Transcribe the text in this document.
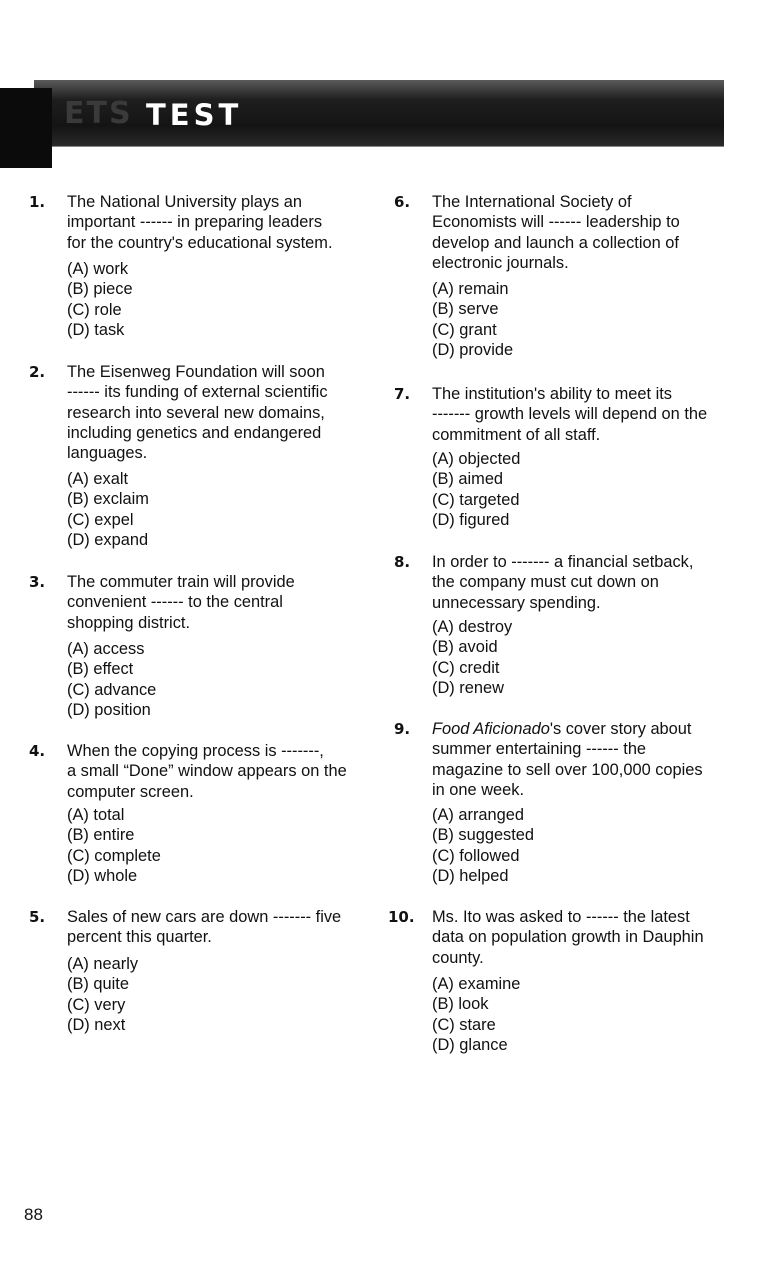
ETS TEST
1. The National University plays an
important ------ in preparing leaders
for the country's educational system.
(A) work
(B) piece
(C) role
(D) task
2. The Eisenweg Foundation will soon
------ its funding of external scientific
research into several new domains,
including genetics and endangered
languages.
(A) exalt
(B) exclaim
(C) expel
(D) expand
3. The commuter train will provide
convenient ------ to the central
shopping district.
(A) access
(B) effect
(C) advance
(D) position
4. When the copying process is -------,
a small “Done” window appears on the
computer screen.
(A) total
(B) entire
(C) complete
(D) whole
5. Sales of new cars are down ------- five
percent this quarter.
(A) nearly
(B) quite
(C) very
(D) next
6. The International Society of
Economists will ------ leadership to
develop and launch a collection of
electronic journals.
(A) remain
(B) serve
(C) grant
(D) provide
7. The institution's ability to meet its
------- growth levels will depend on the
commitment of all staff.
(A) objected
(B) aimed
(C) targeted
(D) figured
8. In order to ------- a financial setback,
the company must cut down on
unnecessary spending.
(A) destroy
(B) avoid
(C) credit
(D) renew
9. Food Aficionado's cover story about
summer entertaining ------ the
magazine to sell over 100,000 copies
in one week.
(A) arranged
(B) suggested
(C) followed
(D) helped
10. Ms. Ito was asked to ------ the latest
data on population growth in Dauphin
county.
(A) examine
(B) look
(C) stare
(D) glance
88
